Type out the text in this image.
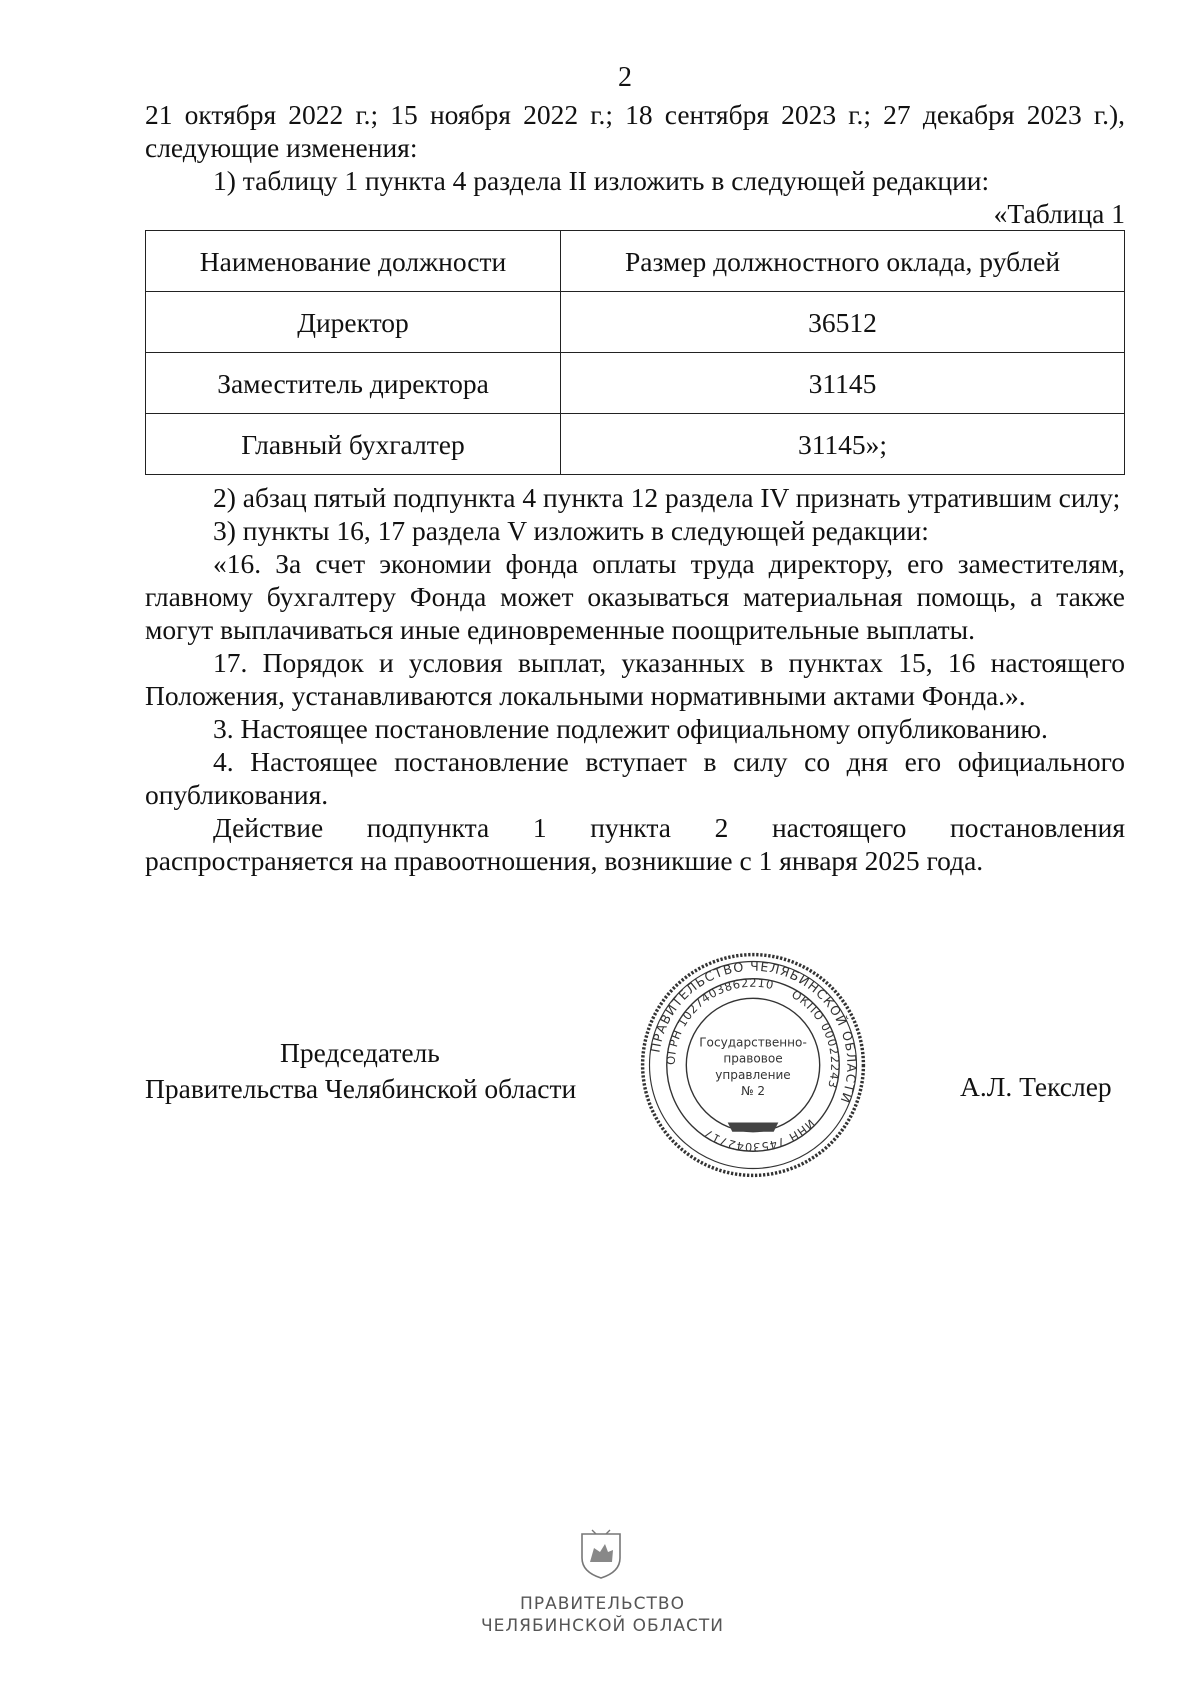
2

21 октября 2022 г.; 15 ноября 2022 г.; 18 сентября 2023 г.; 27 декабря 2023 г.), следующие изменения:

1) таблицу 1 пункта 4 раздела II изложить в следующей редакции:

«Таблица 1

Наименование должности	Размер должностного оклада, рублей
Директор	36512
Заместитель директора	31145
Главный бухгалтер	31145»;

2) абзац пятый подпункта 4 пункта 12 раздела IV признать утратившим силу;

3) пункты 16, 17 раздела V изложить в следующей редакции:

«16. За счет экономии фонда оплаты труда директору, его заместителям, главному бухгалтеру Фонда может оказываться материальная помощь, а также могут выплачиваться иные единовременные поощрительные выплаты.

17. Порядок и условия выплат, указанных в пунктах 15, 16 настоящего Положения, устанавливаются локальными нормативными актами Фонда.».

3. Настоящее постановление подлежит официальному опубликованию.

4. Настоящее постановление вступает в силу со дня его официального опубликования.

Действие подпункта 1 пункта 2 настоящего постановления

распространяется на правоотношения, возникшие с 1 января 2025 года.

Председатель
Правительства Челябинской области
ПРАВИТЕЛЬСТВО ЧЕЛЯБИНСКОЙ ОБЛАСТИ
ОГРН 1027403862210
ОКПО 00022243
ИНН 7453042717
Государственно-
правовое
управление
№ 2	А.Л. Текслер
ПРАВИТЕЛЬСТВО
ЧЕЛЯБИНСКОЙ ОБЛАСТИ
